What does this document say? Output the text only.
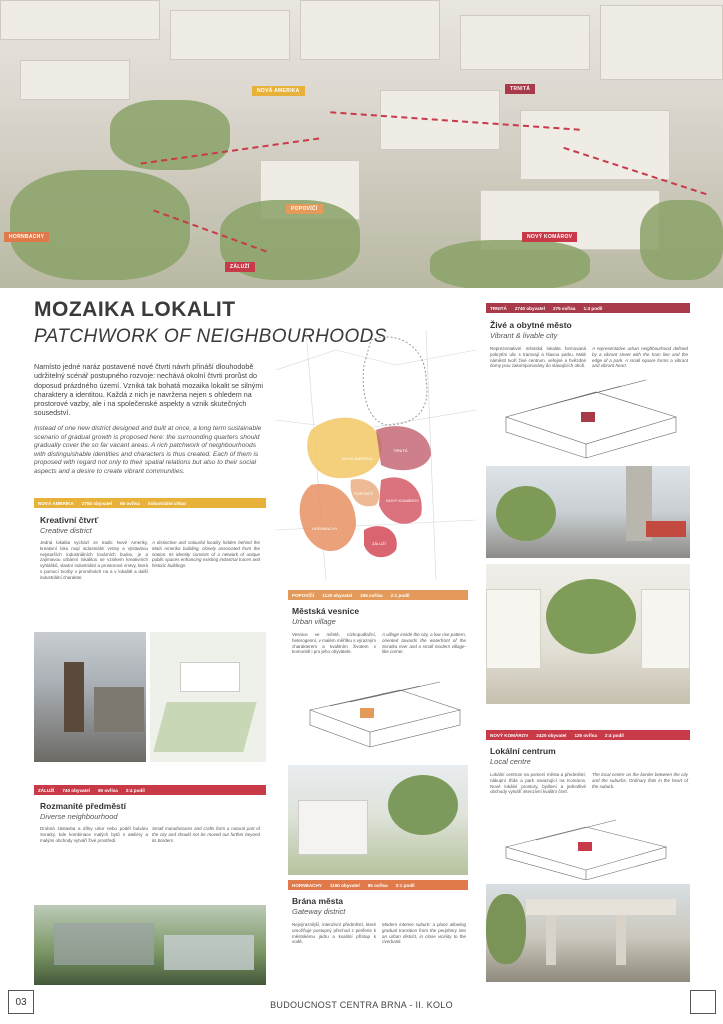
NOVÁ AMERIKA	TRNITÁ
POPOVÍČÍ
HORNBACHY
ZÁLUŽÍ
NOVÝ KOMÁROV
MOZAIKA LOKALIT
PATCHWORK OF NEIGHBOURHOODS
Namísto jedné naráz postavené nové čtvrti návrh přináší dlouhodobě udržitelný scénář postupného rozvoje: nechává okolní čtvrti prorůst do doposud prázdného území. Vzniká tak bohatá mozaika lokalit se silnými charaktery a identitou. Každá z nich je navržena nejen s ohledem na prostorové vazby, ale i na společenské aspekty a vznik skutečných sousedství.
Instead of one new district designed and built at once, a long term sustainable scenario of gradual growth is proposed here: the surrounding quarters should gradually cover the so far vacant areas. A rich patchwork of neighbourhoods with distinguishable identities and characters is thus created. Each of them is proposed with regard not only to their spatial relations but also to their social aspects and a desire to create vibrant communities.
NOVÁ AMERIKA
TRNITÁ
POPOVÍČÍ
HORNBACHY
NOVÝ KOMÁROV
ZÁLUŽÍ
NOVÁ AMERIKA 2750 obyvatel 65 ovřísa industriální chkar
Kreativní čtvrť
Creative district
Jedná lokalita vychází ze tradic Nové Ameriky, kreativní loku mají industriální vrstvy a výstavbou nejstarších industriálních továrních budov, je a zajímavou urbánní lokalitou se vznikem kreativních vyhlášků, vlastní industriální a prostorové vrstvy, která s pomocí tvorby v proměnách na a v lokalitě a další industriální charakter.
A distinctive and colourful locality hidden behind the Malá Amerika building, closely associated from the station. Its identity consists of a network of unique public spaces enhancing existing industrial traces and historic buildings.
ZÁLUŽÍ 740 obyvatel 60 ovřísa 2:4 podíl
Rozmanité předměstí
Diverse neighbourhood
Drobná zástavba a dílny ulice nebo podél bulváru Svratky, kde kombinace malých bytů s ateliéry a malými obchody vytváří živé prostředí.
Small manufactures and crafts form a natural part of the city and should not be moved out further beyond its borders.
POPOVÍČÍ 1120 obyvatel 195 ovřísa 2:1 podíl
Městská vesnice
Urban village
Vesnice ve městě, nízkopodlažní, heterogenní, v malém měřítku s výrazným charakterem a kvalitním životem v komunitě i pro jeho obyvatele.
A village inside the city, a low rise pattern, oriented towards the waterfront of the Svratka river and a small modern village-like corner.
HORNBACHY 1150 obyvatel 85 ovřísa 3:1 podíl
Brána města
Gateway district
Nejvýraznější, intenzivní předměstí, které umožňuje postupný přechod z periferie k městskému jádru a kvalitní přístup k vodě.
Modern intense suburb: a place allowing gradual transition from the periphery into an urban district, in close vicinity to the riverbank.
TRNITÁ 2740 obyvatel 275 ovřísa 1:4 podíl
Živé a obytné město
Vibrant & livable city
Reprezentativní městská lokalita formovaná pokrytím ulic s tramvají a hlavou parku. Malé náměstí tvoří živé centrum, veřejné a hvězdné domy jsou zakomponovány do stávajících okolí.
A representative urban neighbourhood defined by a vibrant street with the tram line and the edge of a park. A small square forms a vibrant and vibrant heart.
NOVÝ KOMÁROV 2420 obyvatel 125 ovřísa 2:4 podíl
Lokální centrum
Local centre
Lokální centrum na pomezí města a předměstí, nákupní třída a park navazující na Komárov. Nové lokální prostory, bydlení a jednotlivé obchody vytváří intenzivní kvalitní čtvrť.
The local centre on the border between the city and the suburbs. Ordinary flats in the heart of the suburb.
03	BUDOUCNOST CENTRA BRNA - II. KOLO
